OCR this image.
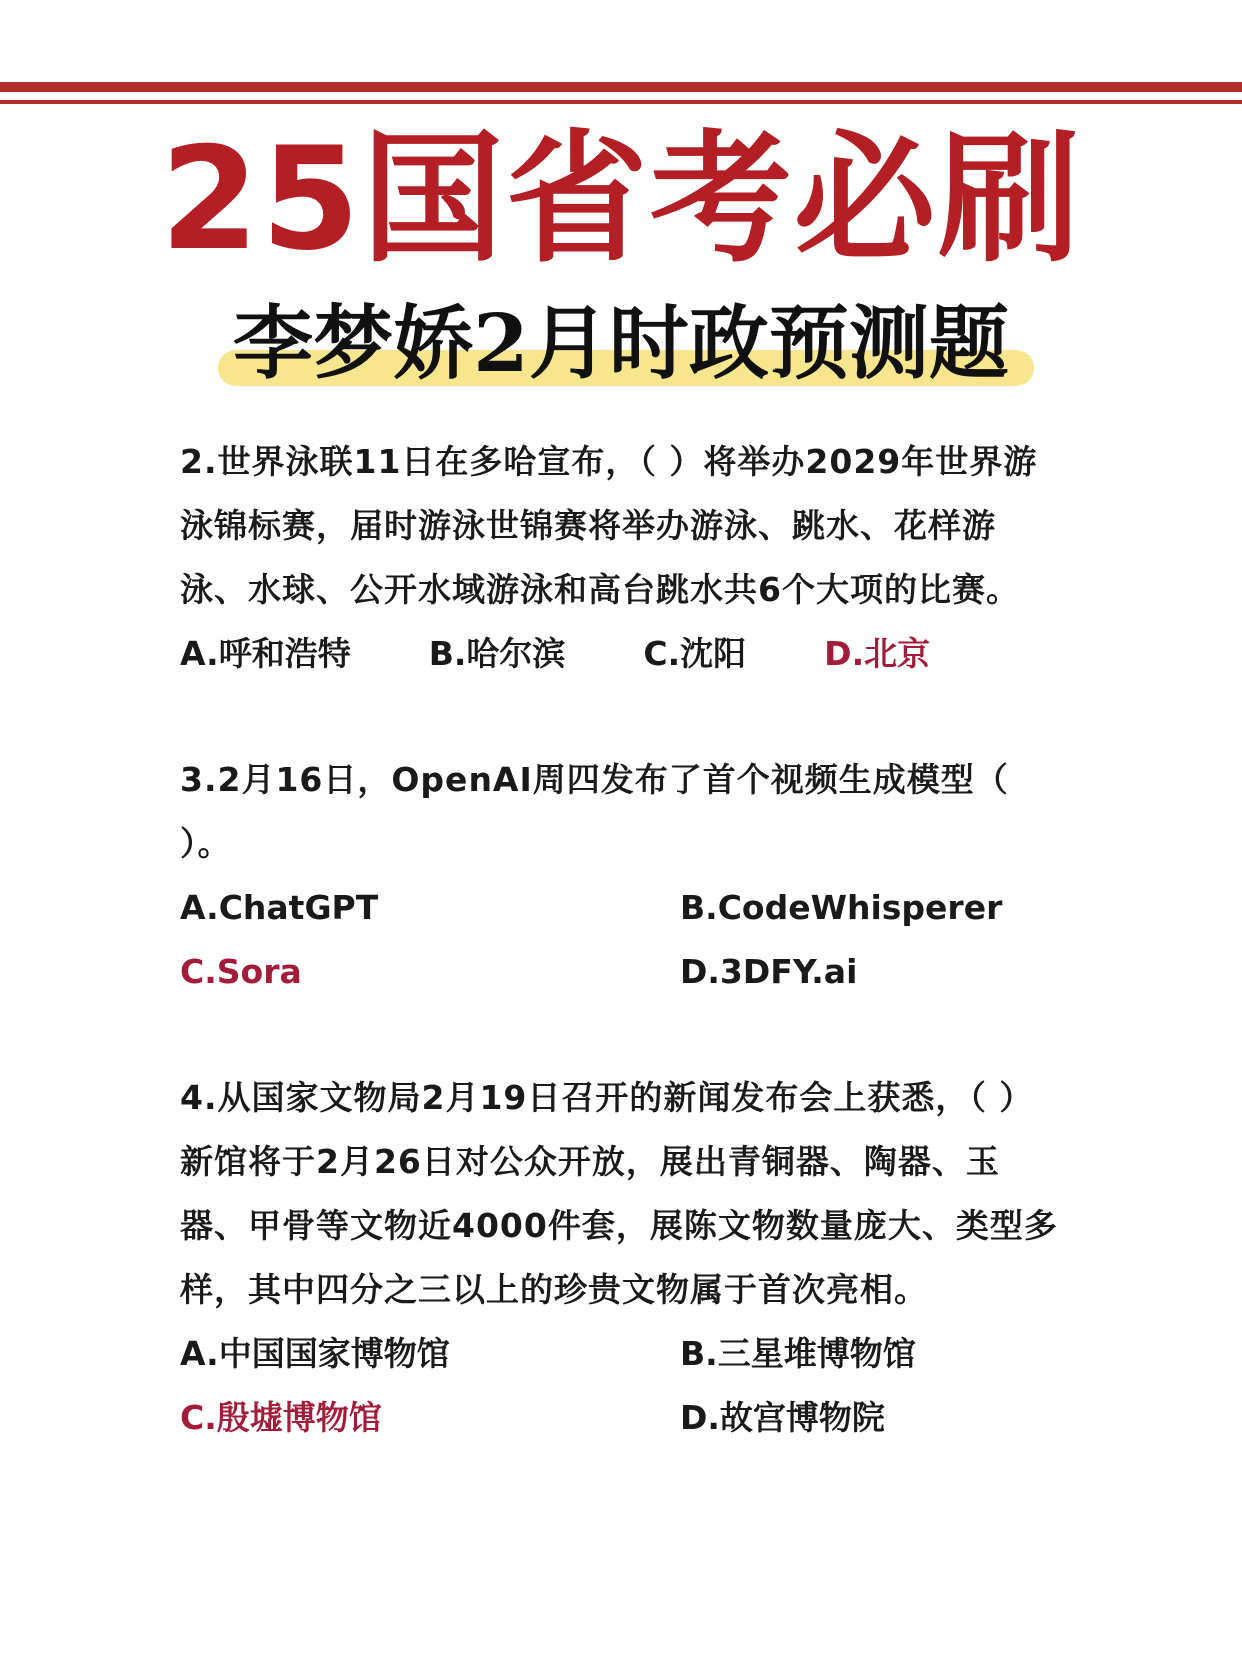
25国省考必刷
李梦娇2月时政预测题

2.世界泳联11日在多哈宣布，（ ）将举办2029年世界游泳锦标赛，届时游泳世锦赛将举办游泳、跳水、花样游泳、水球、公开水域游泳和高台跳水共6个大项的比赛。

A.呼和浩特 B.哈尔滨 C.沈阳 D.北京

3.2月16日，OpenAI周四发布了首个视频生成模型（ ）。

A.ChatGPT	B.CodeWhisperer
C.Sora	D.3DFY.ai

4.从国家文物局2月19日召开的新闻发布会上获悉，（ ）新馆将于2月26日对公众开放，展出青铜器、陶器、玉器、甲骨等文物近4000件套，展陈文物数量庞大、类型多样，其中四分之三以上的珍贵文物属于首次亮相。

A.中国国家博物馆	B.三星堆博物馆
C.殷墟博物馆	D.故宫博物院
